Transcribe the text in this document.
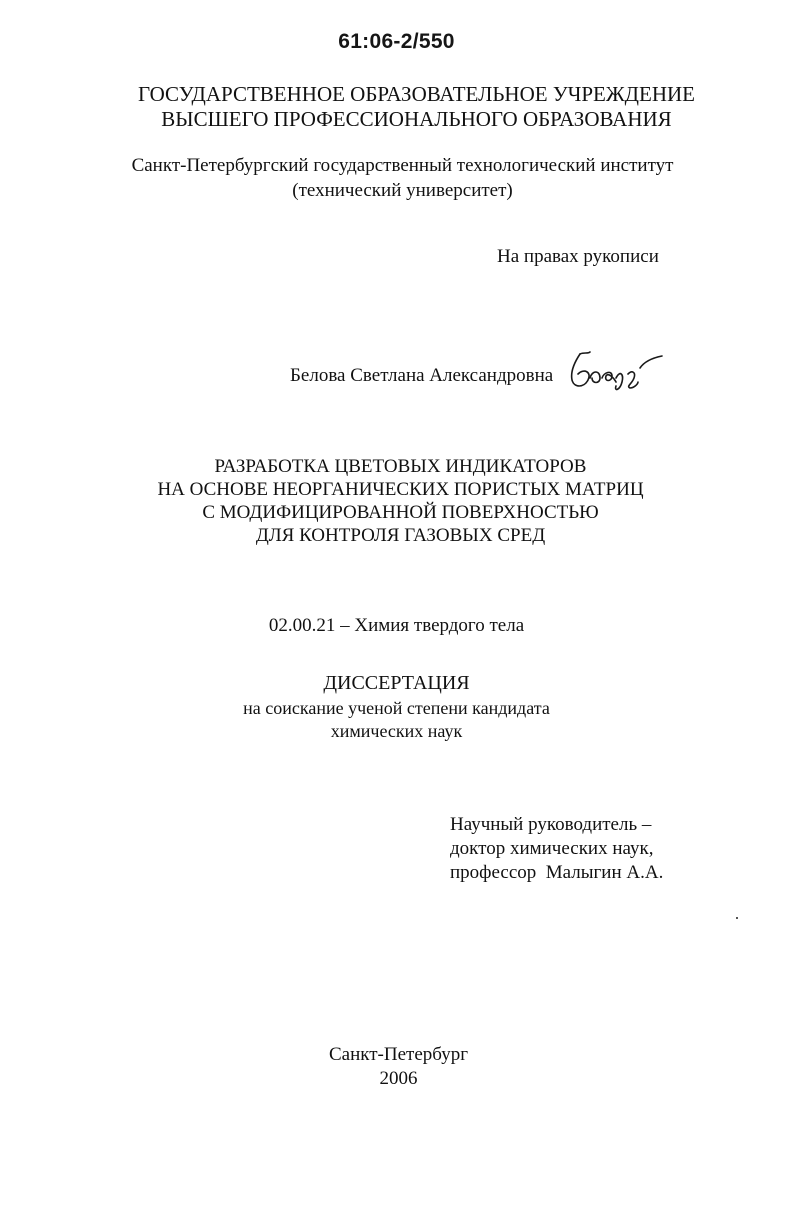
61:06-2/550
ГОСУДАРСТВЕННОЕ ОБРАЗОВАТЕЛЬНОЕ УЧРЕЖДЕНИЕ
ВЫСШЕГО ПРОФЕССИОНАЛЬНОГО ОБРАЗОВАНИЯ
Санкт-Петербургский государственный технологический институт
(технический университет)
На правах рукописи
Белова Светлана Александровна
РАЗРАБОТКА ЦВЕТОВЫХ ИНДИКАТОРОВ
НА ОСНОВЕ НЕОРГАНИЧЕСКИХ ПОРИСТЫХ МАТРИЦ
С МОДИФИЦИРОВАННОЙ ПОВЕРХНОСТЬЮ
ДЛЯ КОНТРОЛЯ ГАЗОВЫХ СРЕД
02.00.21 – Химия твердого тела
ДИССЕРТАЦИЯ
на соискание ученой степени кандидата
химических наук
Научный руководитель –
доктор химических наук,
профессор  Малыгин А.А.
Санкт-Петербург
2006
